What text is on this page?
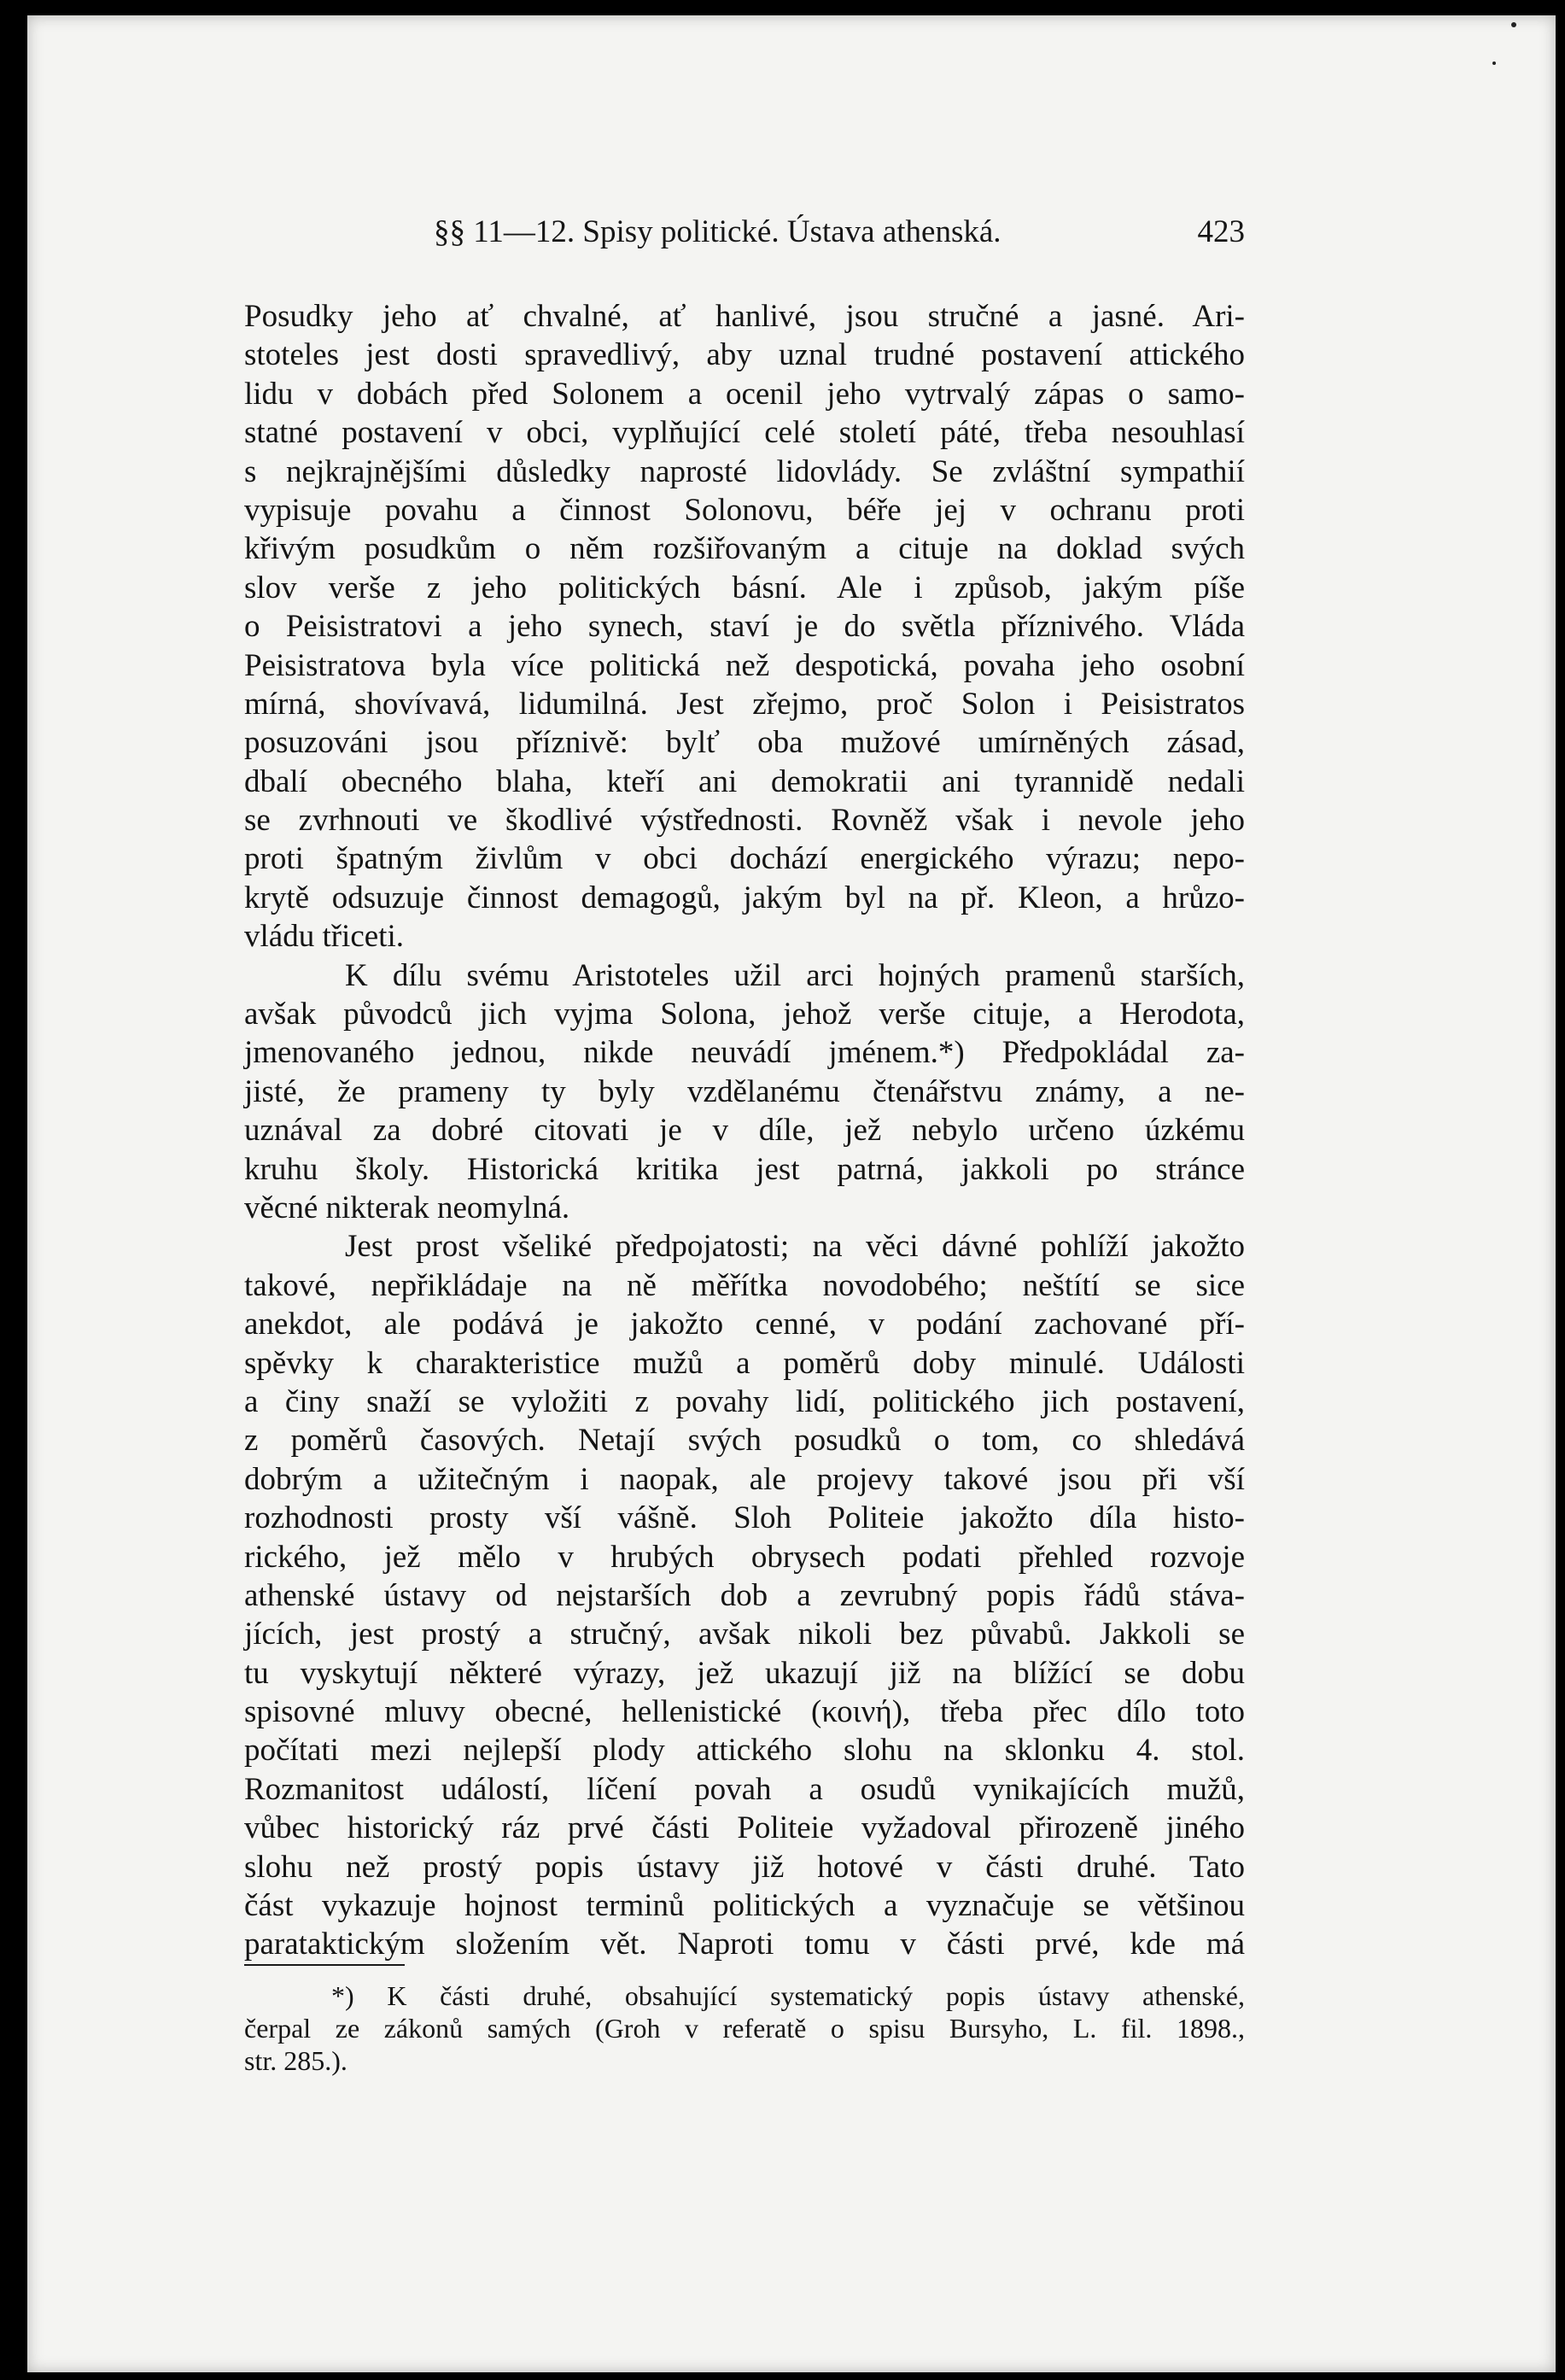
§§ 11—12. Spisy politické. Ústava athenská.	423
Posudky jeho ať chvalné, ať hanlivé, jsou stručné a jasné. Ari-
stoteles jest dosti spravedlivý, aby uznal trudné postavení attického
lidu v dobách před Solonem a ocenil jeho vytrvalý zápas o samo-
statné postavení v obci, vyplňující celé století páté, třeba nesouhlasí
s nejkrajnějšími důsledky naprosté lidovlády. Se zvláštní sympathií
vypisuje povahu a činnost Solonovu, béře jej v ochranu proti
křivým posudkům o něm rozšiřovaným a cituje na doklad svých
slov verše z jeho politických básní. Ale i způsob, jakým píše
o Peisistratovi a jeho synech, staví je do světla příznivého. Vláda
Peisistratova byla více politická než despotická, povaha jeho osobní
mírná, shovívavá, lidumilná. Jest zřejmo, proč Solon i Peisistratos
posuzováni jsou příznivě: bylť oba mužové umírněných zásad,
dbalí obecného blaha, kteří ani demokratii ani tyrannidě nedali
se zvrhnouti ve škodlivé výstřednosti. Rovněž však i nevole jeho
proti špatným živlům v obci dochází energického výrazu; nepo-
krytě odsuzuje činnost demagogů, jakým byl na př. Kleon, a hrůzo-
vládu třiceti.
K dílu svému Aristoteles užil arci hojných pramenů starších,
avšak původců jich vyjma Solona, jehož verše cituje, a Herodota,
jmenovaného jednou, nikde neuvádí jménem.*) Předpokládal za-
jisté, že prameny ty byly vzdělanému čtenářstvu známy, a ne-
uznával za dobré citovati je v díle, jež nebylo určeno úzkému
kruhu školy. Historická kritika jest patrná, jakkoli po stránce
věcné nikterak neomylná.
Jest prost všeliké předpojatosti; na věci dávné pohlíží jakožto
takové, nepřikládaje na ně měřítka novodobého; neštítí se sice
anekdot, ale podává je jakožto cenné, v podání zachované pří-
spěvky k charakteristice mužů a poměrů doby minulé. Události
a činy snaží se vyložiti z povahy lidí, politického jich postavení,
z poměrů časových. Netají svých posudků o tom, co shledává
dobrým a užitečným i naopak, ale projevy takové jsou při vší
rozhodnosti prosty vší vášně. Sloh Politeie jakožto díla histo-
rického, jež mělo v hrubých obrysech podati přehled rozvoje
athenské ústavy od nejstarších dob a zevrubný popis řádů stáva-
jících, jest prostý a stručný, avšak nikoli bez půvabů. Jakkoli se
tu vyskytují některé výrazy, jež ukazují již na blížící se dobu
spisovné mluvy obecné, hellenistické (κοινή), třeba přec dílo toto
počítati mezi nejlepší plody attického slohu na sklonku 4. stol.
Rozmanitost událostí, líčení povah a osudů vynikajících mužů,
vůbec historický ráz prvé části Politeie vyžadoval přirozeně jiného
slohu než prostý popis ústavy již hotové v části druhé. Tato
část vykazuje hojnost terminů politických a vyznačuje se většinou
parataktickým složením vět. Naproti tomu v části prvé, kde má
*) K části druhé, obsahující systematický popis ústavy athenské,
čerpal ze zákonů samých (Groh v referatě o spisu Bursyho, L. fil. 1898.,
str. 285.).
